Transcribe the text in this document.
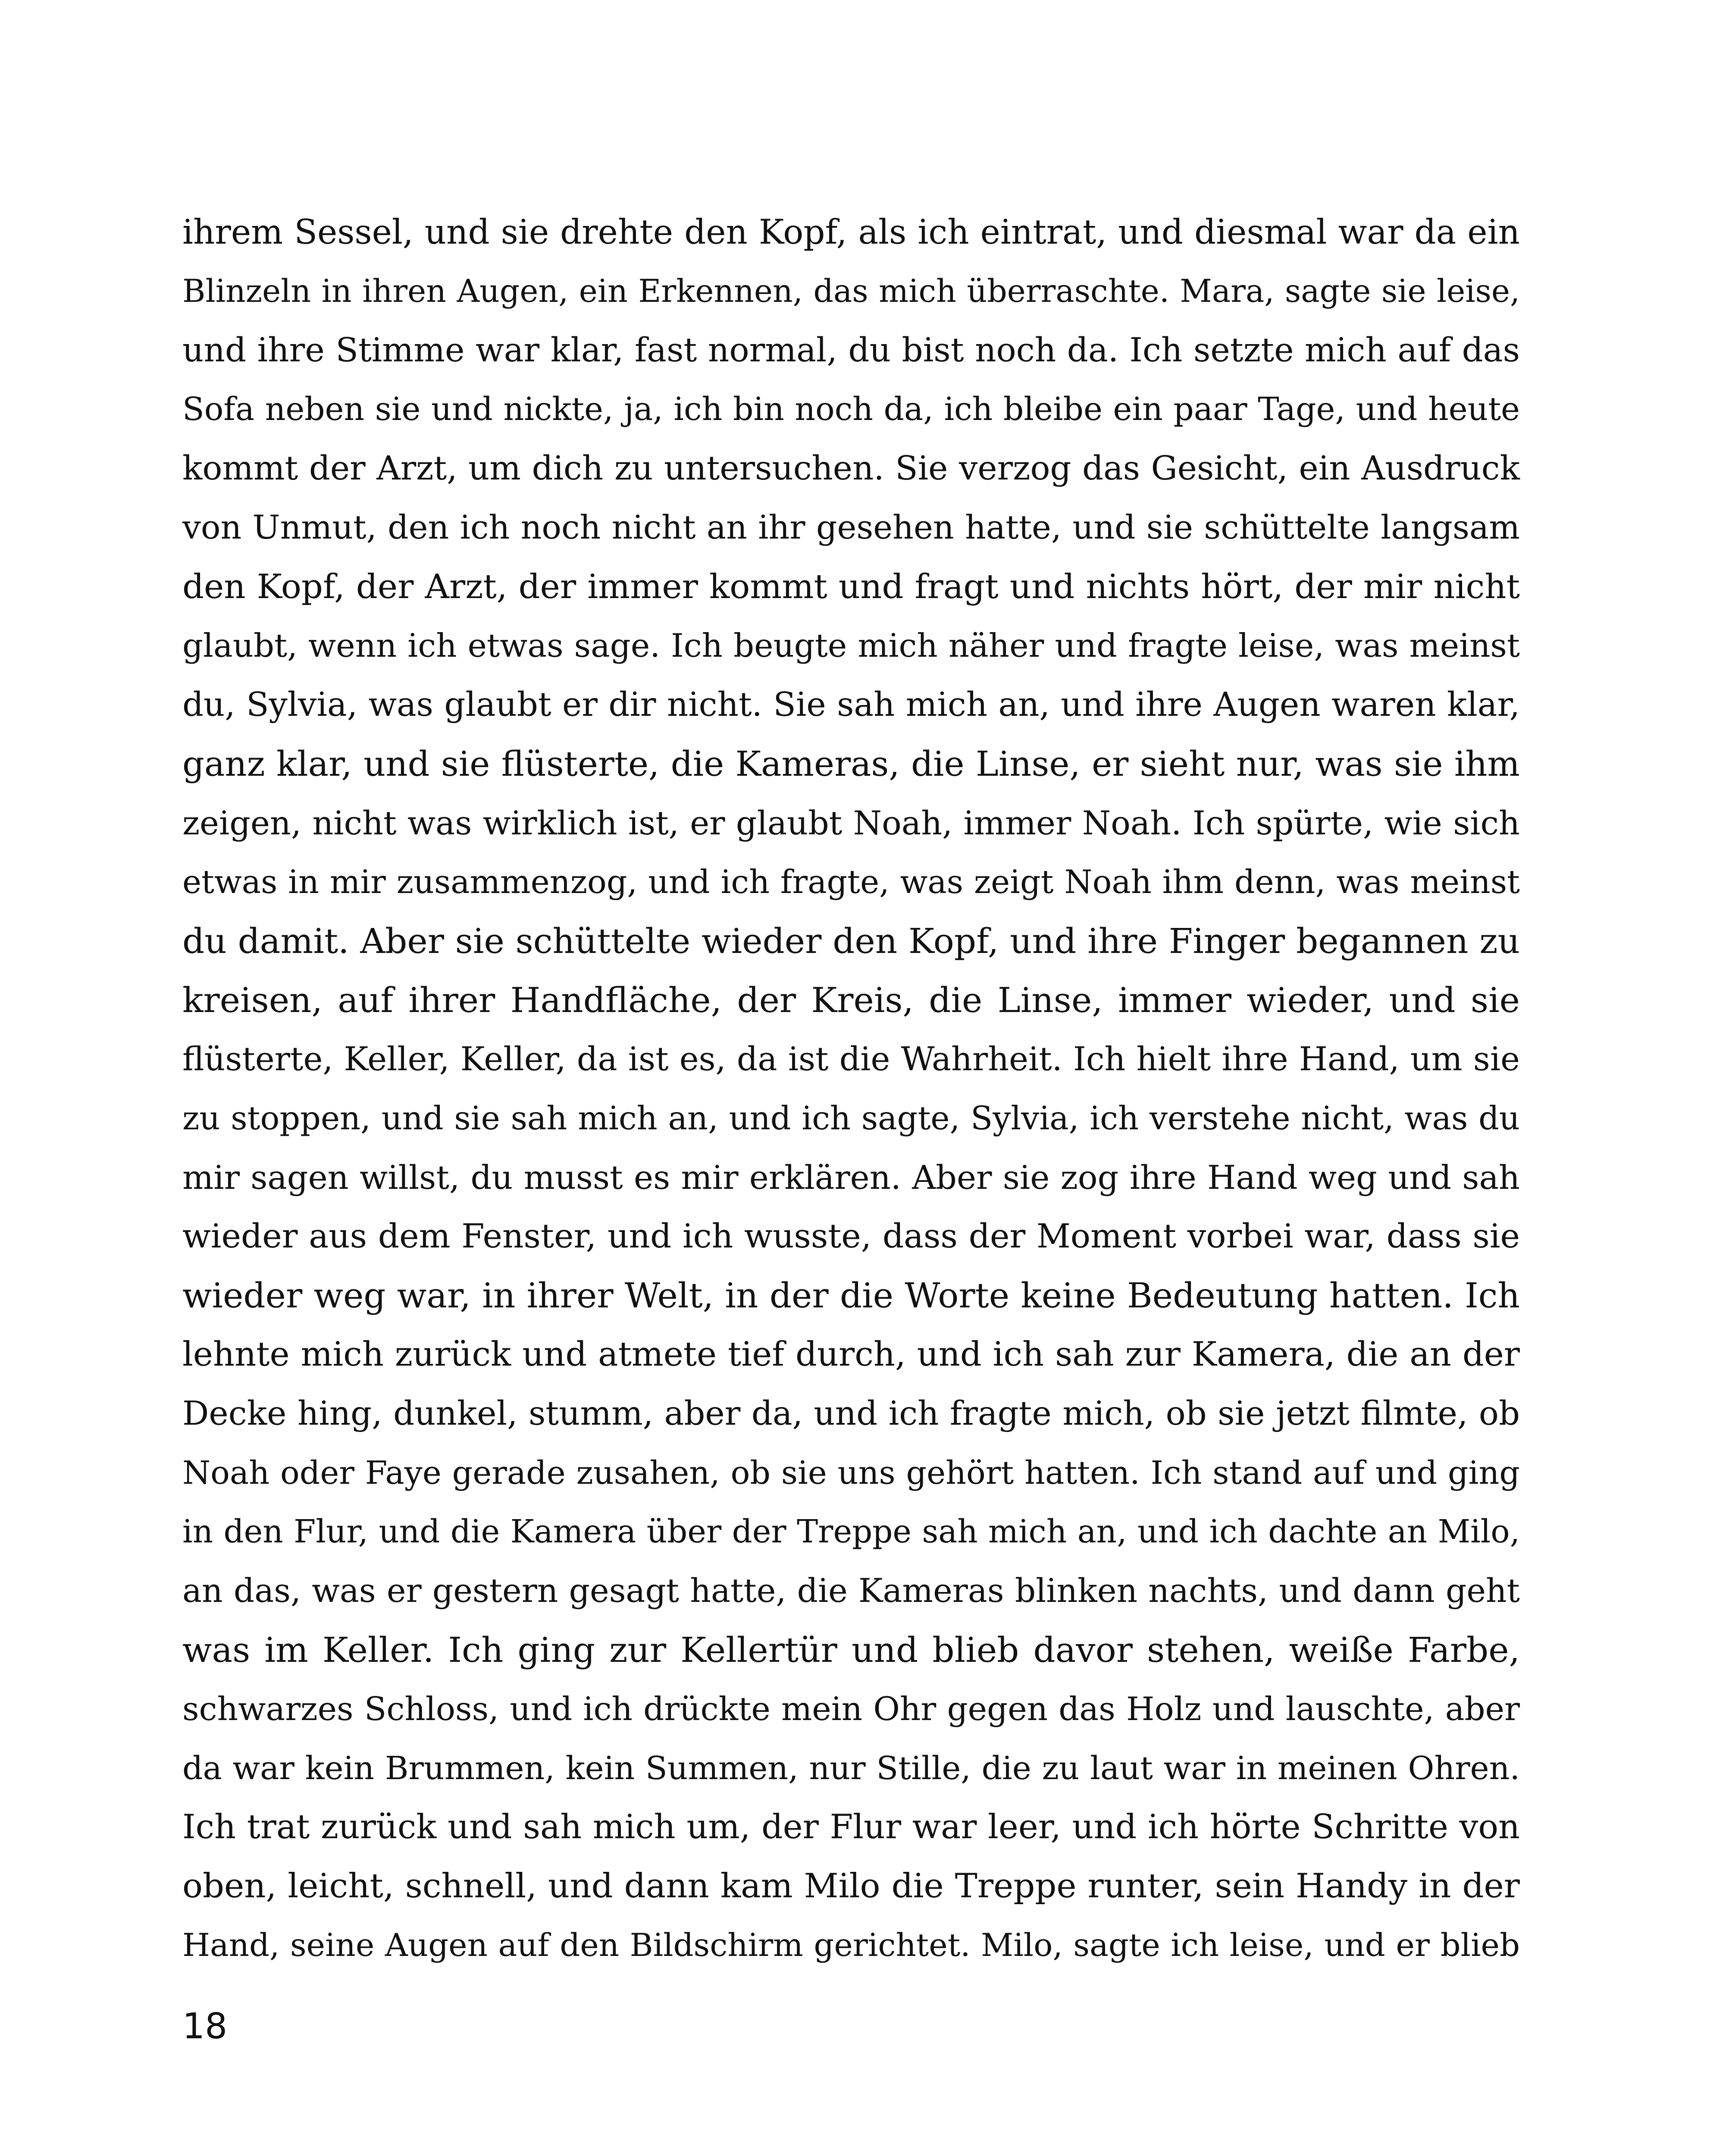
ihrem Sessel, und sie drehte den Kopf, als ich eintrat, und diesmal war da ein
Blinzeln in ihren Augen, ein Erkennen, das mich überraschte. Mara, sagte sie leise,
und ihre Stimme war klar, fast normal, du bist noch da. Ich setzte mich auf das
Sofa neben sie und nickte, ja, ich bin noch da, ich bleibe ein paar Tage, und heute
kommt der Arzt, um dich zu untersuchen. Sie verzog das Gesicht, ein Ausdruck
von Unmut, den ich noch nicht an ihr gesehen hatte, und sie schüttelte langsam
den Kopf, der Arzt, der immer kommt und fragt und nichts hört, der mir nicht
glaubt, wenn ich etwas sage. Ich beugte mich näher und fragte leise, was meinst
du, Sylvia, was glaubt er dir nicht. Sie sah mich an, und ihre Augen waren klar,
ganz klar, und sie flüsterte, die Kameras, die Linse, er sieht nur, was sie ihm
zeigen, nicht was wirklich ist, er glaubt Noah, immer Noah. Ich spürte, wie sich
etwas in mir zusammenzog, und ich fragte, was zeigt Noah ihm denn, was meinst
du damit. Aber sie schüttelte wieder den Kopf, und ihre Finger begannen zu
kreisen, auf ihrer Handfläche, der Kreis, die Linse, immer wieder, und sie
flüsterte, Keller, Keller, da ist es, da ist die Wahrheit. Ich hielt ihre Hand, um sie
zu stoppen, und sie sah mich an, und ich sagte, Sylvia, ich verstehe nicht, was du
mir sagen willst, du musst es mir erklären. Aber sie zog ihre Hand weg und sah
wieder aus dem Fenster, und ich wusste, dass der Moment vorbei war, dass sie
wieder weg war, in ihrer Welt, in der die Worte keine Bedeutung hatten. Ich
lehnte mich zurück und atmete tief durch, und ich sah zur Kamera, die an der
Decke hing, dunkel, stumm, aber da, und ich fragte mich, ob sie jetzt filmte, ob
Noah oder Faye gerade zusahen, ob sie uns gehört hatten. Ich stand auf und ging
in den Flur, und die Kamera über der Treppe sah mich an, und ich dachte an Milo,
an das, was er gestern gesagt hatte, die Kameras blinken nachts, und dann geht
was im Keller. Ich ging zur Kellertür und blieb davor stehen, weiße Farbe,
schwarzes Schloss, und ich drückte mein Ohr gegen das Holz und lauschte, aber
da war kein Brummen, kein Summen, nur Stille, die zu laut war in meinen Ohren.
Ich trat zurück und sah mich um, der Flur war leer, und ich hörte Schritte von
oben, leicht, schnell, und dann kam Milo die Treppe runter, sein Handy in der
Hand, seine Augen auf den Bildschirm gerichtet. Milo, sagte ich leise, und er blieb
18
